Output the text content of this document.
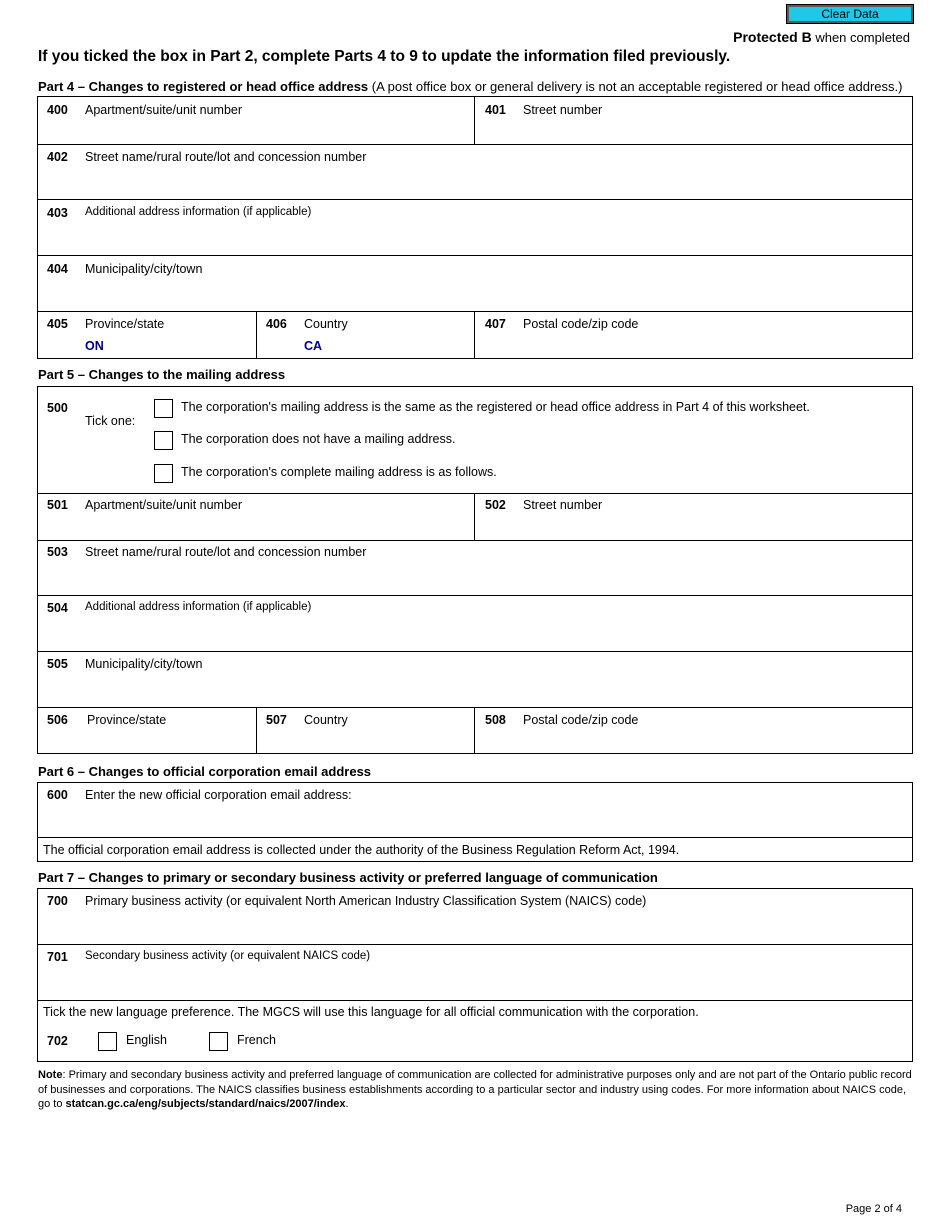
Clear Data
Protected B when completed
If you ticked the box in Part 2, complete Parts 4 to 9 to update the information filed previously.
Part 4 – Changes to registered or head office address (A post office box or general delivery is not an acceptable registered or head office address.)
400 Apartment/suite/unit number	401 Street number
402 Street name/rural route/lot and concession number
403 Additional address information (if applicable)
404 Municipality/city/town
405 Province/state
ON
406 Country
CA
407 Postal code/zip code
Part 5 – Changes to the mailing address
500
Tick one:
The corporation's mailing address is the same as the registered or head office address in Part 4 of this worksheet.
The corporation does not have a mailing address.
The corporation's complete mailing address is as follows.
501 Apartment/suite/unit number	502 Street number
503 Street name/rural route/lot and concession number
504 Additional address information (if applicable)
505 Municipality/city/town
506 Province/state	507 Country	508 Postal code/zip code
Part 6 – Changes to official corporation email address
600 Enter the new official corporation email address:
The official corporation email address is collected under the authority of the Business Regulation Reform Act, 1994.
Part 7 – Changes to primary or secondary business activity or preferred language of communication
700 Primary business activity (or equivalent North American Industry Classification System (NAICS) code)
701 Secondary business activity (or equivalent NAICS code)
Tick the new language preference. The MGCS will use this language for all official communication with the corporation.
702	English	French
Note: Primary and secondary business activity and preferred language of communication are collected for administrative purposes only and are not part of the Ontario public record of businesses and corporations. The NAICS classifies business establishments according to a particular sector and industry using codes. For more information about NAICS code, go to statcan.gc.ca/eng/subjects/standard/naics/2007/index.
Page 2 of 4
